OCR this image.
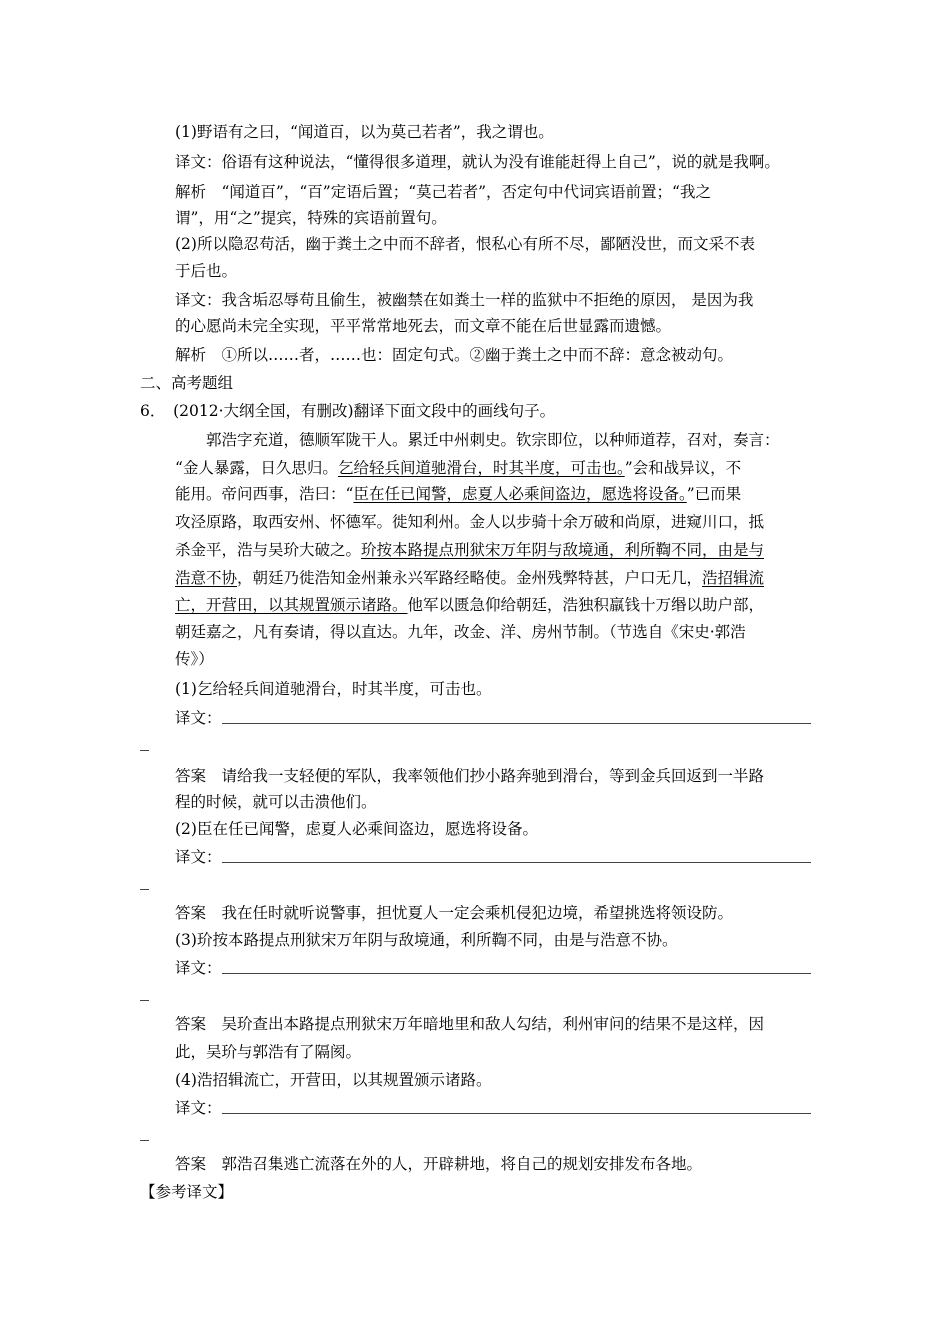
(1)野语有之曰，“闻道百，以为莫己若者”，我之谓也。
译文：俗语有这种说法，“懂得很多道理，就认为没有谁能赶得上自己”，说的就是我啊。
解析　“闻道百”，“百”定语后置；“莫己若者”，否定句中代词宾语前置；“我之
谓”，用“之”提宾，特殊的宾语前置句。
(2)所以隐忍苟活，幽于粪土之中而不辞者，恨私心有所不尽，鄙陋没世，而文采不表
于后也。
译文：我含垢忍辱苟且偷生，被幽禁在如粪土一样的监狱中不拒绝的原因， 是因为我
的心愿尚未完全实现，平平常常地死去，而文章不能在后世显露而遗憾。
解析　①所以……者，……也：固定句式。②幽于粪土之中而不辞：意念被动句。
二、高考题组
6．　(2012·大纲全国，有删改)翻译下面文段中的画线句子。
　　郭浩字充道，德顺军陇干人。累迁中州刺史。钦宗即位，以种师道荐，召对，奏言：
“金人暴露，日久思归。乞给轻兵间道驰滑台，时其半度，可击也。”会和战异议，不
能用。帝问西事，浩曰：“臣在任已闻警，虑夏人必乘间盗边，愿选将设备。”已而果
攻泾原路，取西安州、怀德军。徙知利州。金人以步骑十余万破和尚原，进窥川口，抵
杀金平，浩与吴玠大破之。玠按本路提点刑狱宋万年阴与敌境通，利所鞫不同，由是与
浩意不协，朝廷乃徙浩知金州兼永兴军路经略使。金州残弊特甚，户口无几，浩招辑流
亡，开营田，以其规置颁示诸路。他军以匮急仰给朝廷，浩独积羸钱十万缗以助户部，
朝廷嘉之，凡有奏请，得以直达。九年，改金、洋、房州节制。（节选自《宋史·郭浩
传》）
(1)乞给轻兵间道驰滑台，时其半度，可击也。
译文：
答案　请给我一支轻便的军队，我率领他们抄小路奔驰到滑台，等到金兵回返到一半路
程的时候，就可以击溃他们。
(2)臣在任已闻警，虑夏人必乘间盗边，愿选将设备。
译文：
答案　我在任时就听说警事，担忧夏人一定会乘机侵犯边境，希望挑选将领设防。
(3)玠按本路提点刑狱宋万年阴与敌境通，利所鞫不同，由是与浩意不协。
译文：
答案　吴玠查出本路提点刑狱宋万年暗地里和敌人勾结，利州审问的结果不是这样，因
此，吴玠与郭浩有了隔阂。
(4)浩招辑流亡，开营田，以其规置颁示诸路。
译文：
答案　郭浩召集逃亡流落在外的人，开辟耕地，将自己的规划安排发布各地。
【参考译文】
